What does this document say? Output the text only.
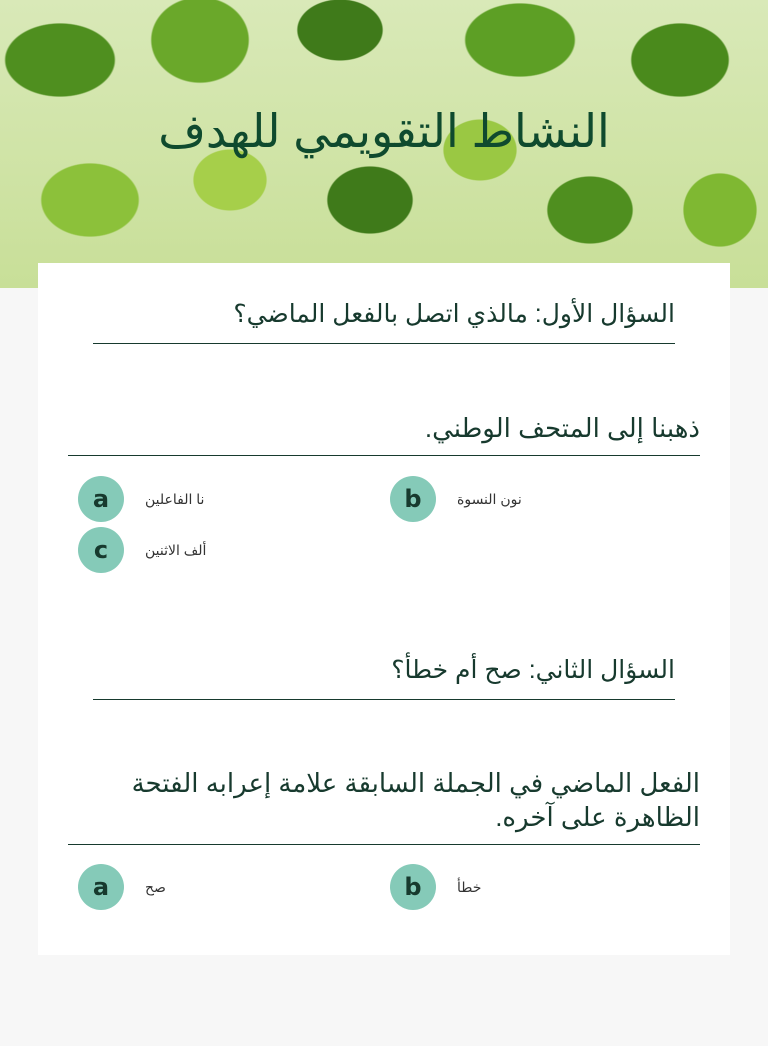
النشاط التقويمي للهدف
السؤال الأول: مالذي اتصل بالفعل الماضي؟
ذهبنا إلى المتحف الوطني.
a	نا الفاعلين	b	نون النسوة
c	ألف الاثنين
السؤال الثاني: صح أم خطأ؟
الفعل الماضي في الجملة السابقة علامة إعرابه الفتحة الظاهرة على آخره.
a	صح	b	خطأ
